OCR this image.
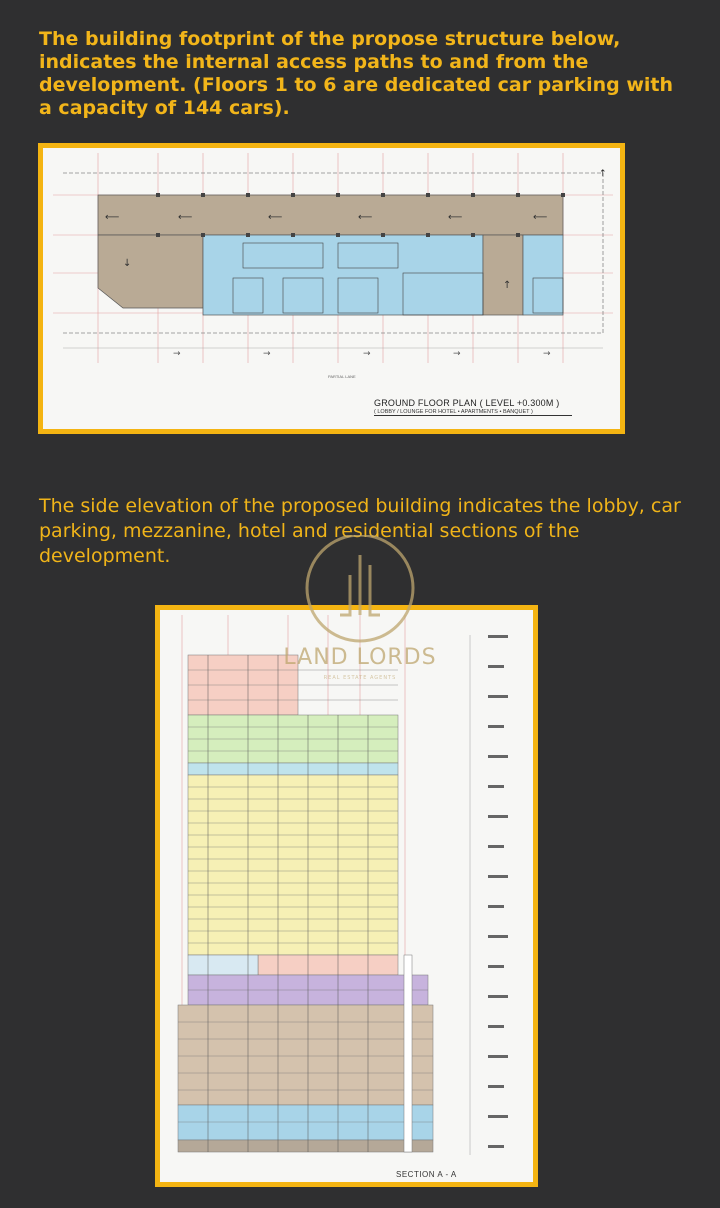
The building footprint of the propose structure below, indicates the internal access paths to and from the development. (Floors 1 to 6 are dedicated car parking with a capacity of 144 cars).
⟵	⟵	⟵	⟵	⟵	⟵
↓
↑
→	→	→	→	→
↑
PARTIAL LANE
GROUND FLOOR PLAN ( LEVEL +0.300M )
( LOBBY / LOUNGE FOR HOTEL • APARTMENTS • BANQUET )
The side elevation of the proposed building indicates the lobby, car parking, mezzanine, hotel and residential sections of the development.
SECTION A - A
LAND LORDS
REAL ESTATE AGENTS
